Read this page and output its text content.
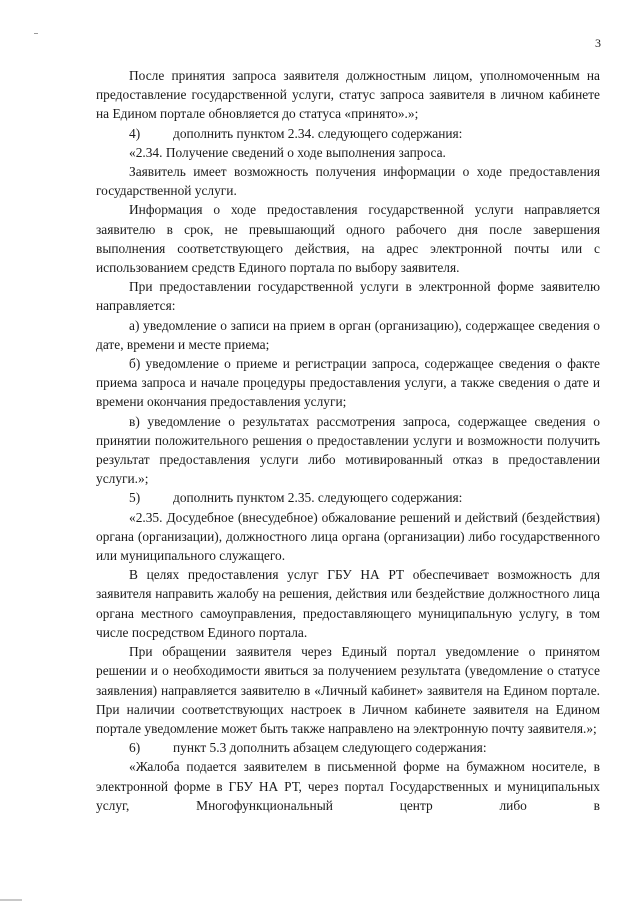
3

После принятия запроса заявителя должностным лицом, уполномоченным на предоставление государственной услуги, статус запроса заявителя в личном кабинете на Едином портале обновляется до статуса «принято».»;

4) дополнить пунктом 2.34. следующего содержания:

«2.34. Получение сведений о ходе выполнения запроса.

Заявитель имеет возможность получения информации о ходе предоставления государственной услуги.

Информация о ходе предоставления государственной услуги направляется заявителю в срок, не превышающий одного рабочего дня после завершения выполнения соответствующего действия, на адрес электронной почты или с использованием средств Единого портала по выбору заявителя.

При предоставлении государственной услуги в электронной форме заявителю направляется:

а) уведомление о записи на прием в орган (организацию), содержащее сведения о дате, времени и месте приема;

б) уведомление о приеме и регистрации запроса, содержащее сведения о факте приема запроса и начале процедуры предоставления услуги, а также сведения о дате и времени окончания предоставления услуги;

в) уведомление о результатах рассмотрения запроса, содержащее сведения о принятии положительного решения о предоставлении услуги и возможности получить результат предоставления услуги либо мотивированный отказ в предоставлении услуги.»;

5) дополнить пунктом 2.35. следующего содержания:

«2.35. Досудебное (внесудебное) обжалование решений и действий (бездействия) органа (организации), должностного лица органа (организации) либо государственного или муниципального служащего.

В целях предоставления услуг ГБУ НА РТ обеспечивает возможность для заявителя направить жалобу на решения, действия или бездействие должностного лица органа местного самоуправления, предоставляющего муниципальную услугу, в том числе посредством Единого портала.

При обращении заявителя через Единый портал уведомление о принятом решении и о необходимости явиться за получением результата (уведомление о статусе заявления) направляется заявителю в «Личный кабинет» заявителя на Едином портале. При наличии соответствующих настроек в Личном кабинете заявителя на Едином портале уведомление может быть также направлено на электронную почту заявителя.»;

6) пункт 5.3 дополнить абзацем следующего содержания:

«Жалоба подается заявителем в письменной форме на бумажном носителе, в электронной форме в ГБУ НА РТ, через портал Государственных и муниципальных услуг, Многофункциональный центр либо в
